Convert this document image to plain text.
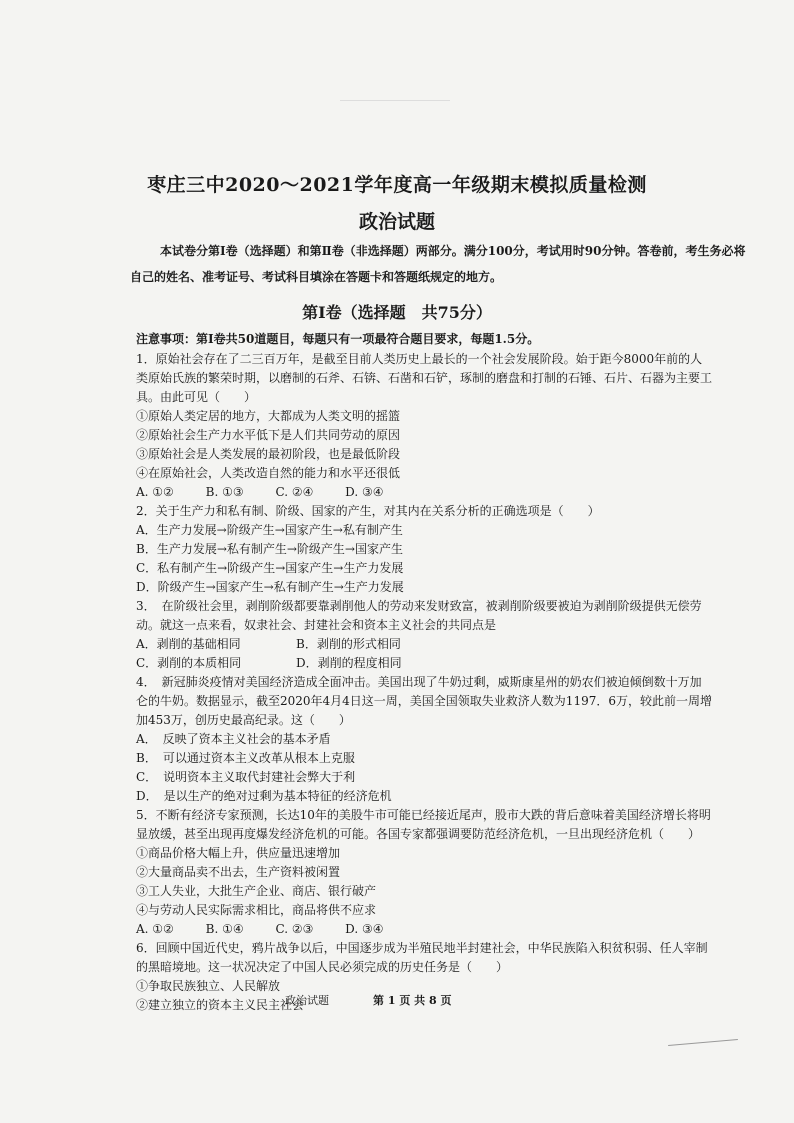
枣庄三中2020～2021学年度高一年级期末模拟质量检测
政治试题
本试卷分第Ⅰ卷（选择题）和第Ⅱ卷（非选择题）两部分。满分100分，考试用时90分钟。答卷前，考生务必将自己的姓名、准考证号、考试科目填涂在答题卡和答题纸规定的地方。
第Ⅰ卷（选择题　共75分）
注意事项：第Ⅰ卷共50道题目，每题只有一项最符合题目要求，每题1.5分。

1．原始社会存在了二三百万年，是截至目前人类历史上最长的一个社会发展阶段。始于距今8000年前的人类原始氏族的繁荣时期，以磨制的石斧、石锛、石凿和石铲，琢制的磨盘和打制的石锤、石片、石器为主要工具。由此可见（　　）

①原始人类定居的地方，大都成为人类文明的摇篮

②原始社会生产力水平低下是人们共同劳动的原因

③原始社会是人类发展的最初阶段，也是最低阶段

④在原始社会，人类改造自然的能力和水平还很低

A. ①②	B. ①③	C. ②④	D. ③④

2．关于生产力和私有制、阶级、国家的产生，对其内在关系分析的正确选项是（　　）

A．生产力发展→阶级产生→国家产生→私有制产生

B．生产力发展→私有制产生→阶级产生→国家产生

C．私有制产生→阶级产生→国家产生→生产力发展

D．阶级产生→国家产生→私有制产生→生产力发展

3．　在阶级社会里，剥削阶级都要靠剥削他人的劳动来发财致富，被剥削阶级要被迫为剥削阶级提供无偿劳动。就这一点来看，奴隶社会、封建社会和资本主义社会的共同点是

A．剥削的基础相同	B．剥削的形式相同
C．剥削的本质相同	D．剥削的程度相同

4．　新冠肺炎疫情对美国经济造成全面冲击。美国出现了牛奶过剩，威斯康星州的奶农们被迫倾倒数十万加仑的牛奶。数据显示，截至2020年4月4日这一周，美国全国领取失业救济人数为1197．6万，较此前一周增加453万，创历史最高纪录。这（　　）

A．　反映了资本主义社会的基本矛盾

B．　可以通过资本主义改革从根本上克服

C．　说明资本主义取代封建社会弊大于利

D．　是以生产的绝对过剩为基本特征的经济危机

5．不断有经济专家预测，长达10年的美股牛市可能已经接近尾声，股市大跌的背后意味着美国经济增长将明显放缓，甚至出现再度爆发经济危机的可能。各国专家都强调要防范经济危机，一旦出现经济危机（　　）

①商品价格大幅上升，供应量迅速增加

②大量商品卖不出去，生产资料被闲置

③工人失业，大批生产企业、商店、银行破产

④与劳动人民实际需求相比，商品将供不应求

A. ①②	B. ①④	C. ②③	D. ③④

6．回顾中国近代史，鸦片战争以后，中国逐步成为半殖民地半封建社会，中华民族陷入积贫积弱、任人宰制的黑暗境地。这一状况决定了中国人民必须完成的历史任务是（　　）

①争取民族独立、人民解放

②建立独立的资本主义民主社会

政治试题	第 1 页 共 8 页
